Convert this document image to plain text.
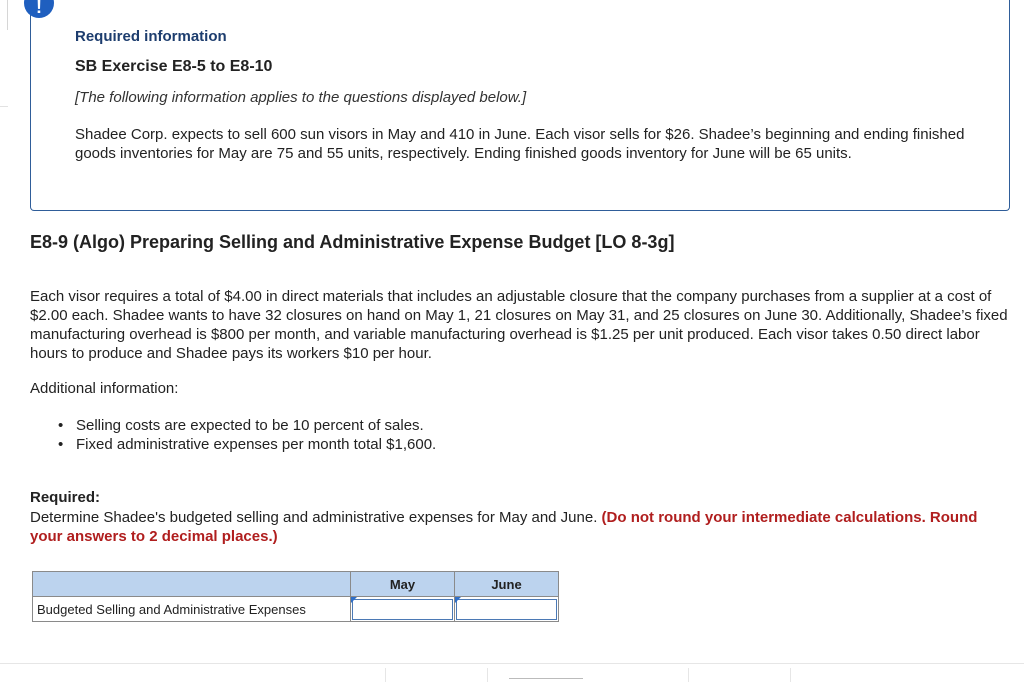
Required information
SB Exercise E8-5 to E8-10
[The following information applies to the questions displayed below.]

Shadee Corp. expects to sell 600 sun visors in May and 410 in June. Each visor sells for $26. Shadee’s beginning and ending finished goods inventories for May are 75 and 55 units, respectively. Ending finished goods inventory for June will be 65 units.

!
E8-9 (Algo) Preparing Selling and Administrative Expense Budget [LO 8-3g]

Each visor requires a total of $4.00 in direct materials that includes an adjustable closure that the company purchases from a supplier at a cost of $2.00 each. Shadee wants to have 32 closures on hand on May 1, 21 closures on May 31, and 25 closures on June 30. Additionally, Shadee’s fixed manufacturing overhead is $800 per month, and variable manufacturing overhead is $1.25 per unit produced. Each visor takes 0.50 direct labor hours to produce and Shadee pays its workers $10 per hour.

Additional information:
• Selling costs are expected to be 10 percent of sales.
• Fixed administrative expenses per month total $1,600.
Required:

Determine Shadee's budgeted selling and administrative expenses for May and June. (Do not round your intermediate calculations. Round your answers to 2 decimal places.)

	May	June
Budgeted Selling and Administrative Expenses	
